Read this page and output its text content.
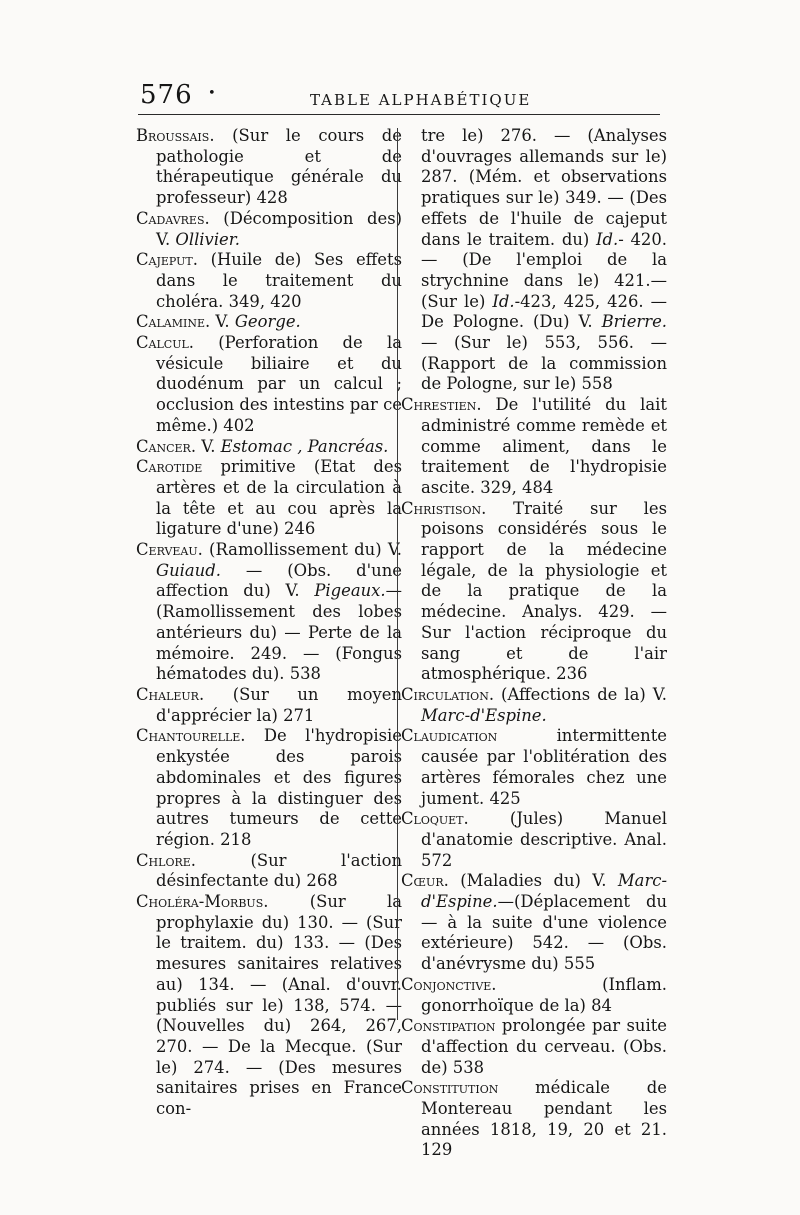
576 •	TABLE ALPHABÉTIQUE

Broussais. (Sur le cours de pathologie et de thérapeutique générale du professeur) 428

Cadavres. (Décomposition des) V. Ollivier.

Cajeput. (Huile de) Ses effets dans le traitement du choléra. 349, 420

Calamine. V. George.

Calcul. (Perforation de la vésicule biliaire et du duodénum par un calcul ; occlusion des intestins par ce même.) 402

Cancer. V. Estomac , Pancréas.

Carotide primitive (Etat des artères et de la circulation à la tête et au cou après la ligature d'une) 246

Cerveau. (Ramollissement du) V. Guiaud. — (Obs. d'une affection du) V. Pigeaux.— (Ramollissement des lobes antérieurs du) — Perte de la mémoire. 249. — (Fongus hématodes du). 538

Chaleur. (Sur un moyen d'apprécier la) 271

Chantourelle. De l'hydropisie enkystée des parois abdominales et des figures propres à la distinguer des autres tumeurs de cette région. 218

Chlore. (Sur l'action désinfectante du) 268

Choléra-Morbus. (Sur la prophylaxie du) 130. — (Sur le traitem. du) 133. — (Des mesures sanitaires relatives au) 134. — (Anal. d'ouvr. publiés sur le) 138, 574. — (Nouvelles du) 264, 267, 270. — De la Mecque. (Sur le) 274. — (Des mesures sanitaires prises en France con-

tre le) 276. — (Analyses d'ouvrages allemands sur le) 287. (Mém. et observations pratiques sur le) 349. — (Des effets de l'huile de cajeput dans le traitem. du) Id.- 420. — (De l'emploi de la strychnine dans le) 421.—(Sur le) Id.-423, 425, 426. — De Pologne. (Du) V. Brierre. — (Sur le) 553, 556. — (Rapport de la commission de Pologne, sur le) 558

Chrestien. De l'utilité du lait administré comme remède et comme aliment, dans le traitement de l'hydropisie ascite. 329, 484

Christison. Traité sur les poisons considérés sous le rapport de la médecine légale, de la physiologie et de la pratique de la médecine. Analys. 429. — Sur l'action réciproque du sang et de l'air atmosphérique. 236

Circulation. (Affections de la) V. Marc-d'Espine.

Claudication intermittente causée par l'oblitération des artères fémorales chez une jument. 425

Cloquet. (Jules) Manuel d'anatomie descriptive. Anal. 572

Cœur. (Maladies du) V. Marc-d'Espine.—(Déplacement du— à la suite d'une violence extérieure) 542. — (Obs. d'anévrysme du) 555

Conjonctive. (Inflam. gonorrhoïque de la) 84

Constipation prolongée par suite d'affection du cerveau. (Obs. de) 538

Constitution médicale de Montereau pendant les années 1818, 19, 20 et 21. 129
